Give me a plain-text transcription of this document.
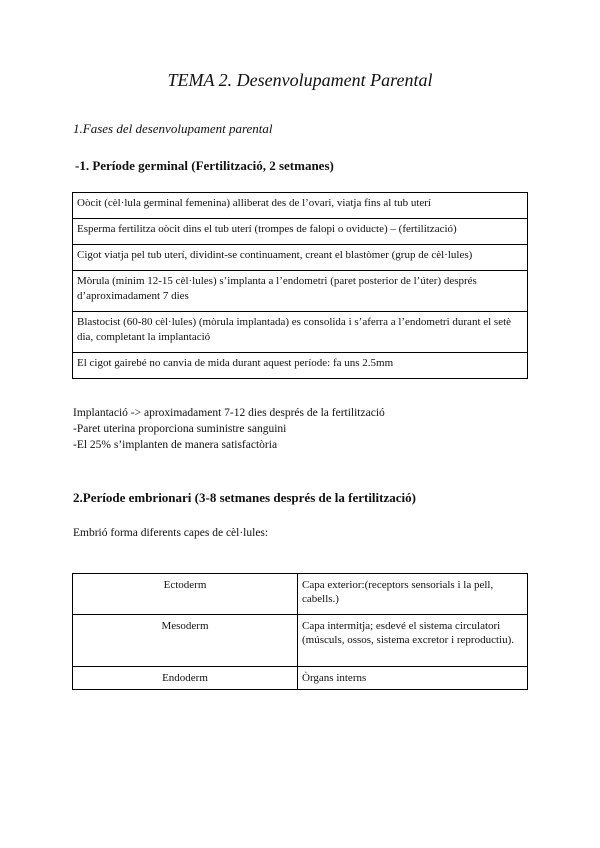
TEMA 2. Desenvolupament Parental
1.Fases del desenvolupament parental
-1. Període germinal (Fertilització, 2 setmanes)
Oòcit (cèl·lula germinal femenina) alliberat des de l’ovari, viatja fins al tub uterí
Esperma fertilitza oòcit dins el tub uterí (trompes de falopi o oviducte) – (fertilització)
Cigot viatja pel tub uterí, dividint-se continuament, creant el blastòmer (grup de cèl·lules)
Mòrula (mínim 12-15 cèl·lules) s’implanta a l’endometri (paret posterior de l’úter) després d’aproximadament 7 dies
Blastocist (60-80 cèl·lules) (mòrula implantada) es consolida i s’aferra a l’endometri durant el setè dia, completant la implantació
El cigot gairebé no canvia de mida durant aquest període: fa uns 2.5mm
Implantació -> aproximadament 7-12 dies després de la fertilització
-Paret uterina proporciona suministre sanguini
-El 25% s’implanten de manera satisfactòria
2.Període embrionari (3-8 setmanes després de la fertilització)
Embrió forma diferents capes de cèl·lules:
Ectoderm	Capa exterior:(receptors sensorials i la pell, cabells.)
Mesoderm	Capa intermitja; esdevé el sistema circulatori (músculs, ossos, sistema excretor i reproductiu).
Endoderm	Òrgans interns
